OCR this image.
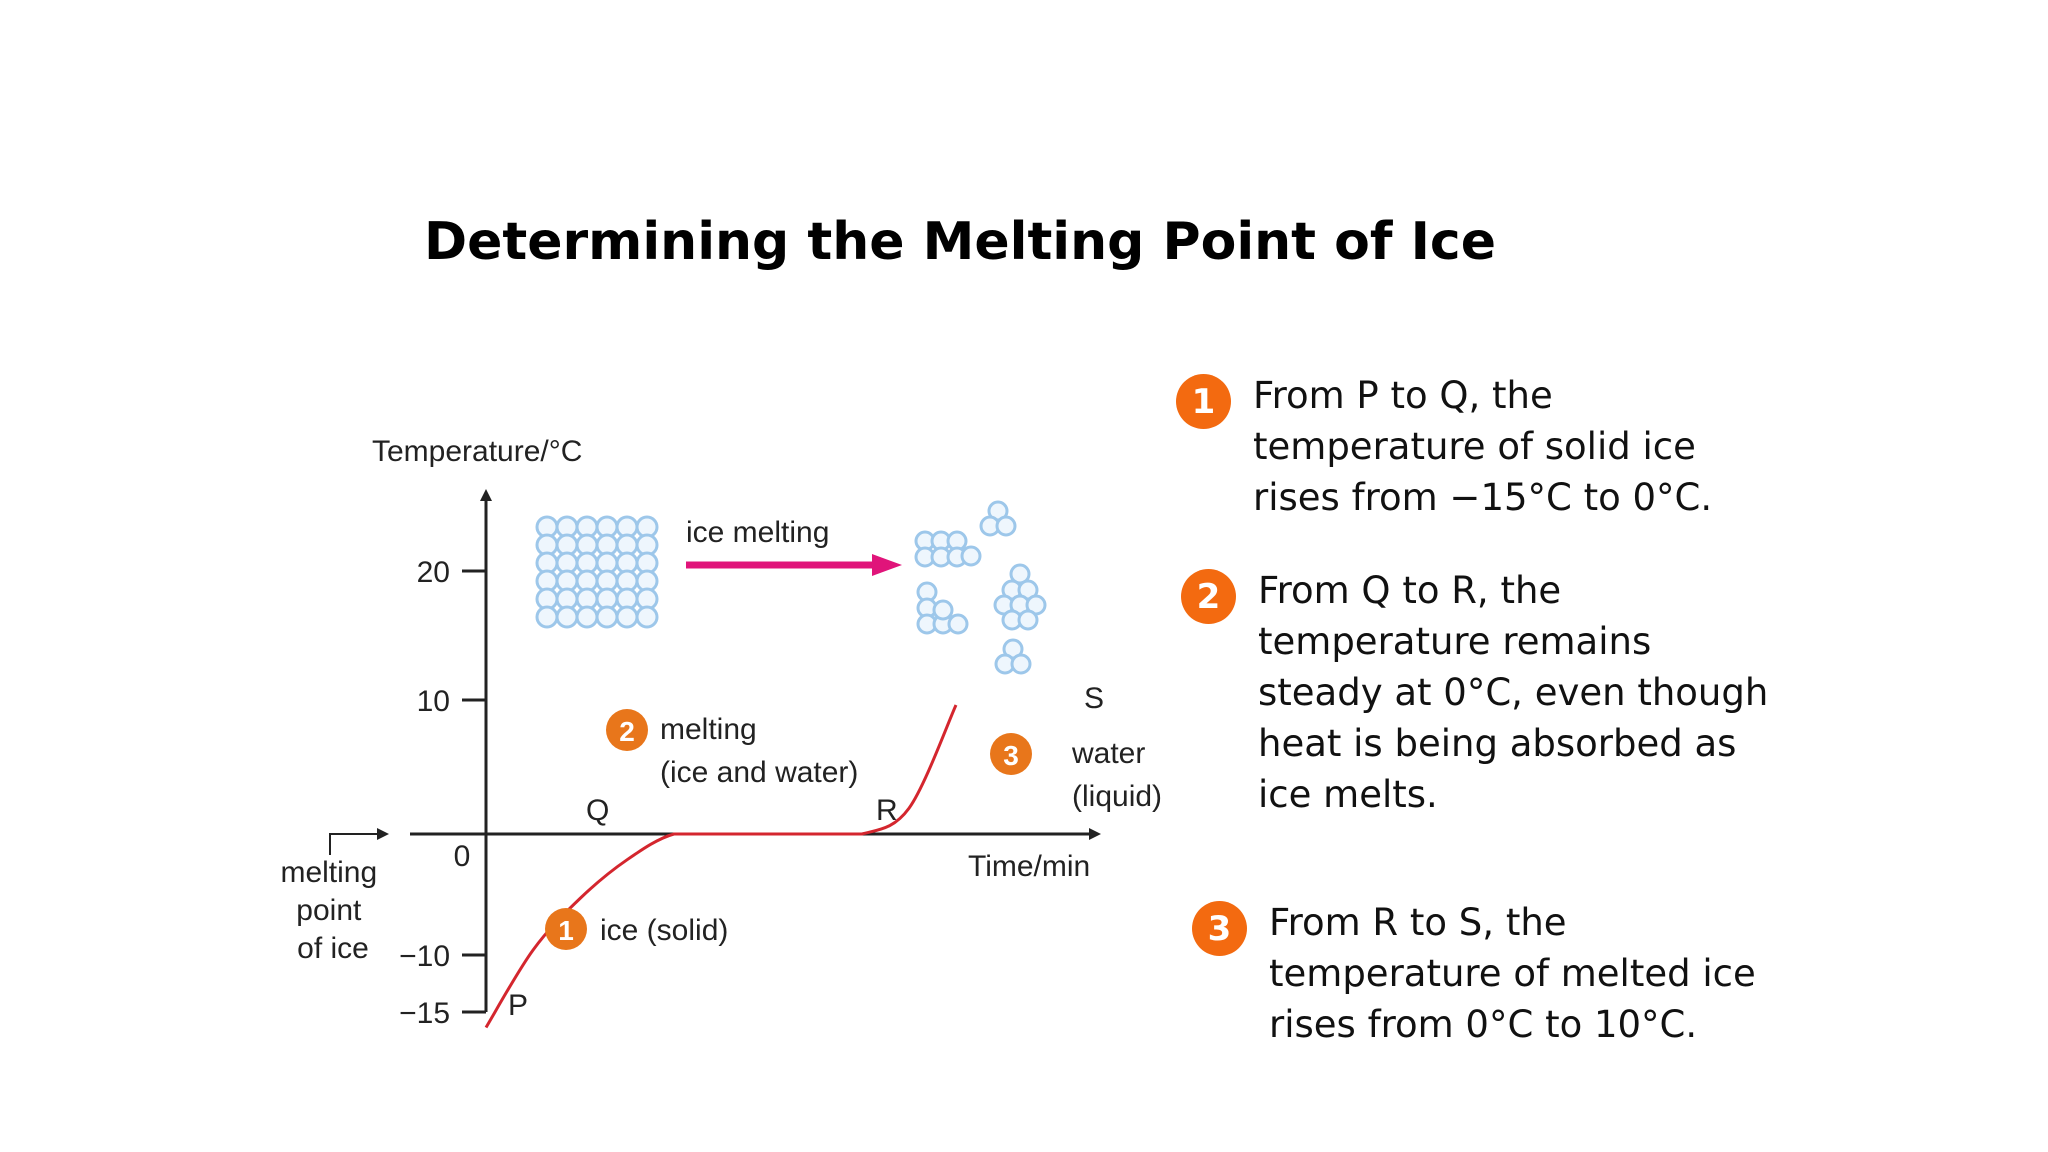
Determining the Melting Point of Ice
Temperature/°C
20
10
−10
−15
0	Time/min
melting point of ice
P
Q	R
S
1 ice (solid)
2 melting
(ice and water)
3 water
(liquid)
ice melting
1	From P to Q, the
temperature of solid ice
rises from −15°C to 0°C.
2	From Q to R, the
temperature remains
steady at 0°C, even though
heat is being absorbed as
ice melts.
3	From R to S, the
temperature of melted ice
rises from 0°C to 10°C.
